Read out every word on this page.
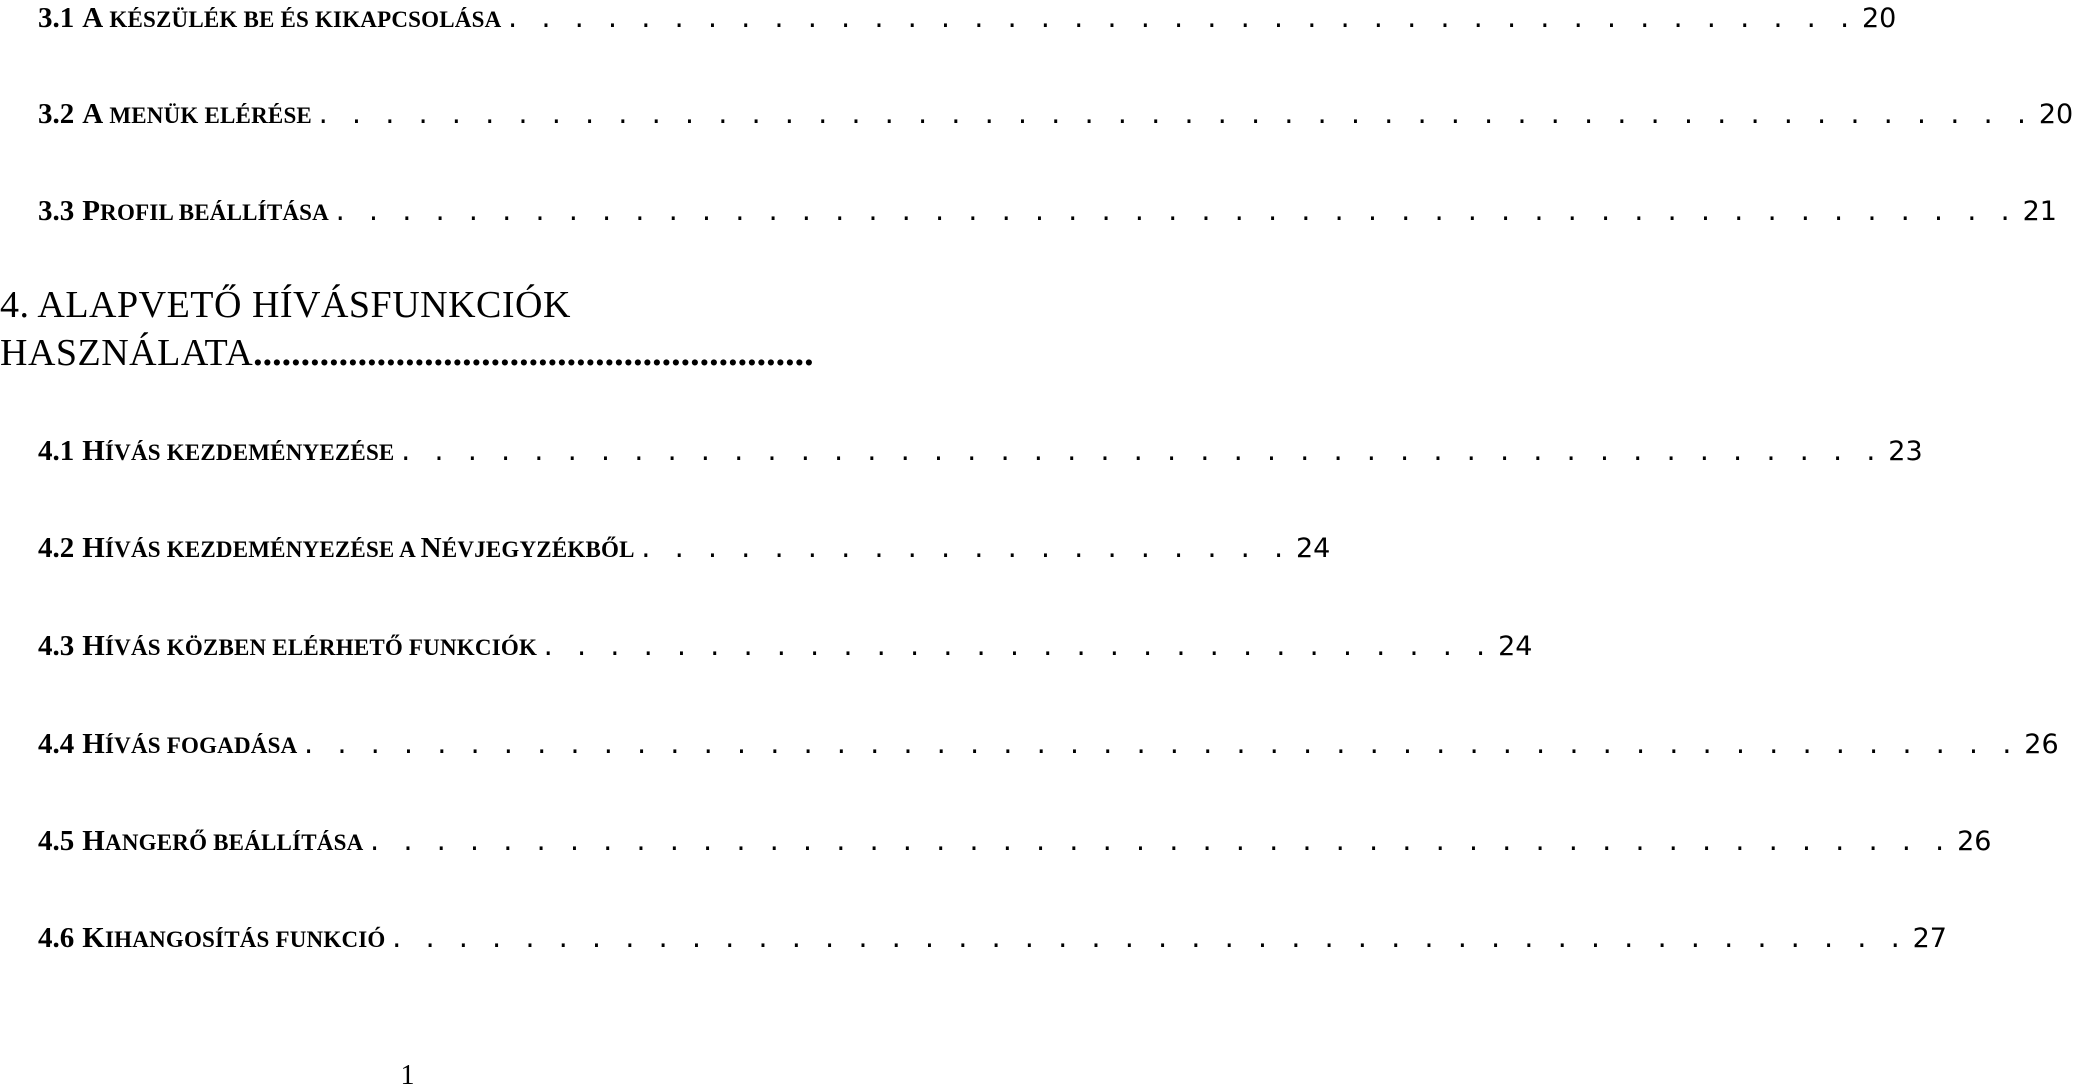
3.1 A KÉSZÜLÉK BE ÉS KIKAPCSOLÁSA . . . . . . . . . . . . . . . . . . . . . . . . . . . . . . . . . . . . . . . . . 20
3.2 A MENÜK ELÉRÉSE . . . . . . . . . . . . . . . . . . . . . . . . . . . . . . . . . . . . . . . . . . . . . . . . . . . . 20
3.3 PROFIL BEÁLLÍTÁSA . . . . . . . . . . . . . . . . . . . . . . . . . . . . . . . . . . . . . . . . . . . . . . . . . . . 21
4. ALAPVETŐ HÍVÁSFUNKCIÓK
HASZNÁLATA ...........................................................
4.1 HÍVÁS KEZDEMÉNYEZÉSE . . . . . . . . . . . . . . . . . . . . . . . . . . . . . . . . . . . . . . . . . . . . . 23
4.2 HÍVÁS KEZDEMÉNYEZÉSE A NÉVJEGYZÉKBŐL . . . . . . . . . . . . . . . . . . . . 24
4.3 HÍVÁS KÖZBEN ELÉRHETŐ FUNKCIÓK . . . . . . . . . . . . . . . . . . . . . . . . . . . . . 24
4.4 HÍVÁS FOGADÁSA . . . . . . . . . . . . . . . . . . . . . . . . . . . . . . . . . . . . . . . . . . . . . . . . . . . . 26
4.5 HANGERŐ BEÁLLÍTÁSA . . . . . . . . . . . . . . . . . . . . . . . . . . . . . . . . . . . . . . . . . . . . . . . . 26
4.6 KIHANGOSÍTÁS FUNKCIÓ . . . . . . . . . . . . . . . . . . . . . . . . . . . . . . . . . . . . . . . . . . . . . . 27
1
